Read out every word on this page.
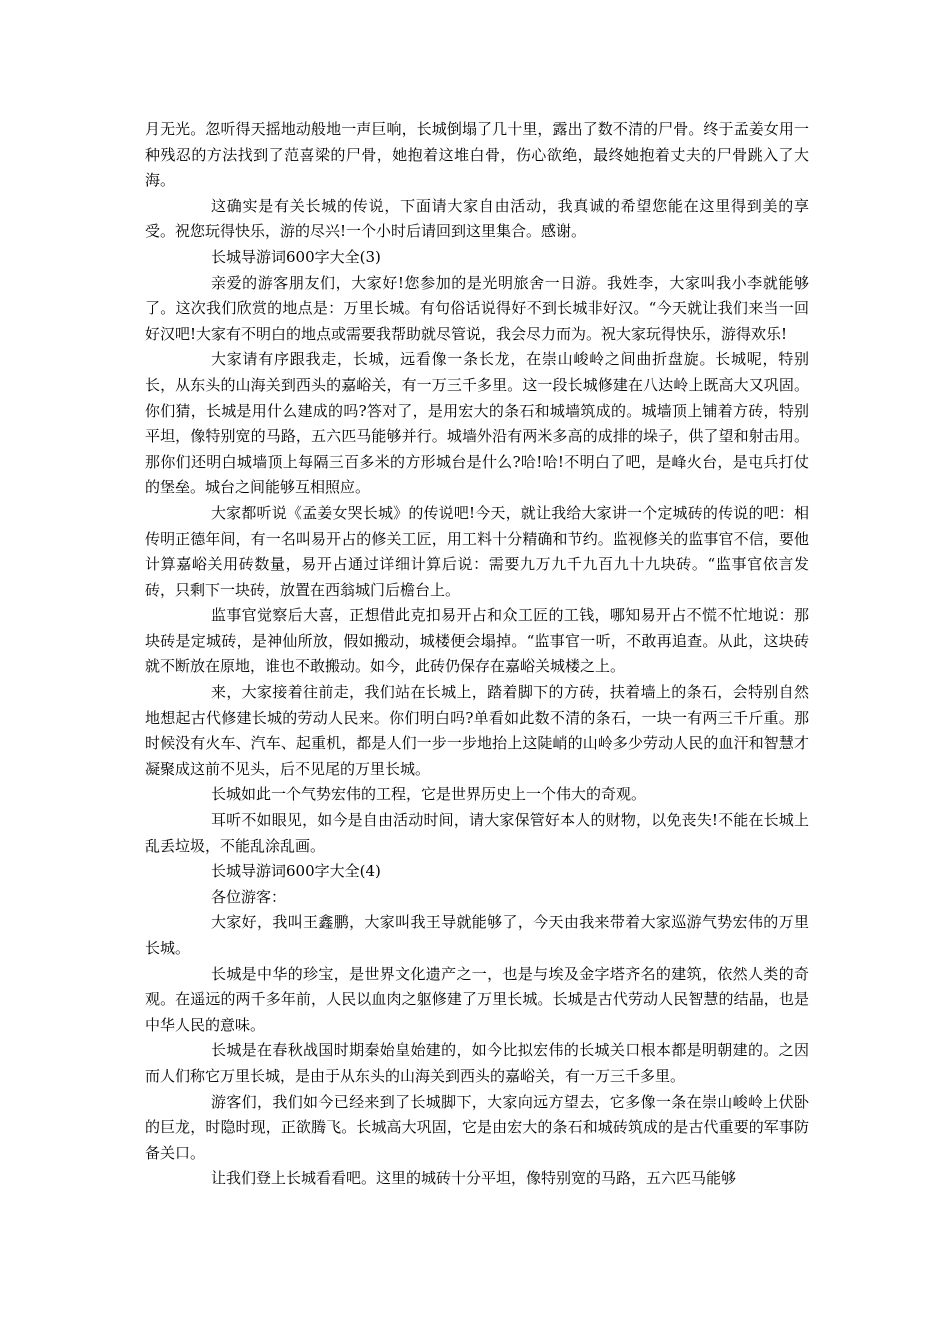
月无光。忽听得天摇地动般地一声巨响，长城倒塌了几十里，露出了数不清的尸骨。终于孟姜女用一种残忍的方法找到了范喜梁的尸骨，她抱着这堆白骨，伤心欲绝，最终她抱着丈夫的尸骨跳入了大海。

这确实是有关长城的传说，下面请大家自由活动，我真诚的希望您能在这里得到美的享受。祝您玩得快乐，游的尽兴!一个小时后请回到这里集合。感谢。

长城导游词600字大全(3)

亲爱的游客朋友们，大家好!您参加的是光明旅舍一日游。我姓李，大家叫我小李就能够了。这次我们欣赏的地点是：万里长城。有句俗话说得好不到长城非好汉。“今天就让我们来当一回好汉吧!大家有不明白的地点或需要我帮助就尽管说，我会尽力而为。祝大家玩得快乐，游得欢乐!

大家请有序跟我走，长城，远看像一条长龙，在崇山峻岭之间曲折盘旋。长城呢，特别长，从东头的山海关到西头的嘉峪关，有一万三千多里。这一段长城修建在八达岭上既高大又巩固。你们猜，长城是用什么建成的吗?答对了，是用宏大的条石和城墙筑成的。城墙顶上铺着方砖，特别平坦，像特别宽的马路，五六匹马能够并行。城墙外沿有两米多高的成排的垛子，供了望和射击用。那你们还明白城墙顶上每隔三百多米的方形城台是什么?哈!哈!不明白了吧，是峰火台，是屯兵打仗的堡垒。城台之间能够互相照应。

大家都听说《孟姜女哭长城》的传说吧!今天，就让我给大家讲一个定城砖的传说的吧：相传明正德年间，有一名叫易开占的修关工匠，用工料十分精确和节约。监视修关的监事官不信，要他计算嘉峪关用砖数量，易开占通过详细计算后说：需要九万九千九百九十九块砖。“监事官依言发砖，只剩下一块砖，放置在西翁城门后檐台上。

监事官觉察后大喜，正想借此克扣易开占和众工匠的工钱，哪知易开占不慌不忙地说：那块砖是定城砖，是神仙所放，假如搬动，城楼便会塌掉。“监事官一听，不敢再追查。从此，这块砖就不断放在原地，谁也不敢搬动。如今，此砖仍保存在嘉峪关城楼之上。

来，大家接着往前走，我们站在长城上，踏着脚下的方砖，扶着墙上的条石，会特别自然地想起古代修建长城的劳动人民来。你们明白吗?单看如此数不清的条石，一块一有两三千斤重。那时候没有火车、汽车、起重机，都是人们一步一步地抬上这陡峭的山岭多少劳动人民的血汗和智慧才凝聚成这前不见头，后不见尾的万里长城。

长城如此一个气势宏伟的工程，它是世界历史上一个伟大的奇观。

耳听不如眼见，如今是自由活动时间，请大家保管好本人的财物，以免丧失!不能在长城上乱丢垃圾，不能乱涂乱画。

长城导游词600字大全(4)

各位游客：

大家好，我叫王鑫鹏，大家叫我王导就能够了，今天由我来带着大家巡游气势宏伟的万里长城。

长城是中华的珍宝，是世界文化遗产之一，也是与埃及金字塔齐名的建筑，依然人类的奇观。在遥远的两千多年前，人民以血肉之躯修建了万里长城。长城是古代劳动人民智慧的结晶，也是中华人民的意味。

长城是在春秋战国时期秦始皇始建的，如今比拟宏伟的长城关口根本都是明朝建的。之因而人们称它万里长城，是由于从东头的山海关到西头的嘉峪关，有一万三千多里。

游客们，我们如今已经来到了长城脚下，大家向远方望去，它多像一条在崇山峻岭上伏卧的巨龙，时隐时现，正欲腾飞。长城高大巩固，它是由宏大的条石和城砖筑成的是古代重要的军事防备关口。

让我们登上长城看看吧。这里的城砖十分平坦，像特别宽的马路，五六匹马能够
